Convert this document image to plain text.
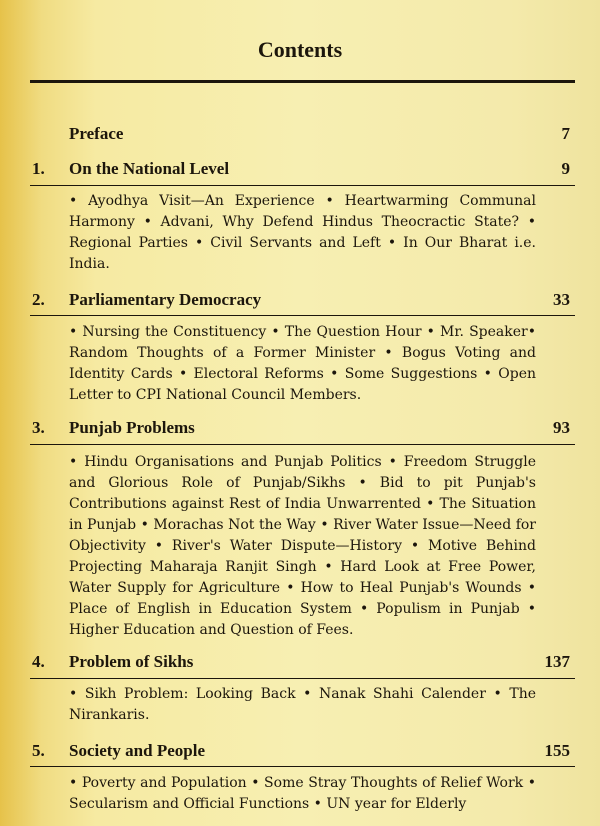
Contents
Preface	7
1. On the National Level	9
• Ayodhya Visit—An Experience • Heartwarming Communal Harmony • Advani, Why Defend Hindus Theocractic State? • Regional Parties • Civil Servants and Left • In Our Bharat i.e. India.
2. Parliamentary Democracy	33
• Nursing the Constituency • The Question Hour • Mr. Speaker• Random Thoughts of a Former Minister • Bogus Voting and Identity Cards • Electoral Reforms • Some Suggestions • Open Letter to CPI National Council Members.
3. Punjab Problems	93
• Hindu Organisations and Punjab Politics • Freedom Struggle and Glorious Role of Punjab/Sikhs • Bid to pit Punjab's Contributions against Rest of India Unwarrented • The Situation in Punjab • Morachas Not the Way • River Water Issue—Need for Objectivity • River's Water Dispute—History • Motive Behind Projecting Maharaja Ranjit Singh • Hard Look at Free Power, Water Supply for Agriculture • How to Heal Punjab's Wounds • Place of English in Education System • Populism in Punjab • Higher Education and Question of Fees.
4. Problem of Sikhs	137
• Sikh Problem: Looking Back • Nanak Shahi Calender • The Nirankaris.
5. Society and People	155
• Poverty and Population • Some Stray Thoughts of Relief Work • Secularism and Official Functions • UN year for Elderly
